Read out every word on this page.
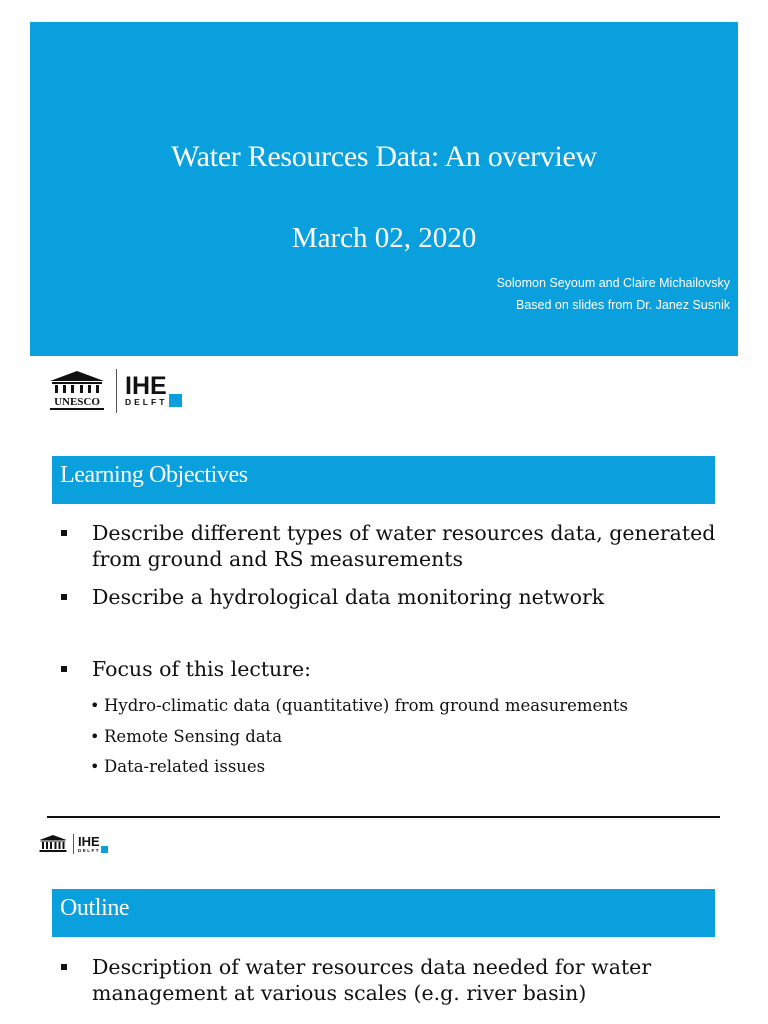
Water Resources Data: An overview
March 02, 2020
Solomon Seyoum and Claire Michailovsky
Based on slides from Dr. Janez Susnik
UNESCO
IHE
DELFT
Learning Objectives
Describe different types of water resources data, generated from ground and RS measurements
Describe a hydrological data monitoring network
Focus of this lecture:
• Hydro-climatic data (quantitative) from ground measurements
• Remote Sensing data
• Data-related issues
IHE
DELFT
Outline
Description of water resources data needed for water management at various scales (e.g. river basin)
